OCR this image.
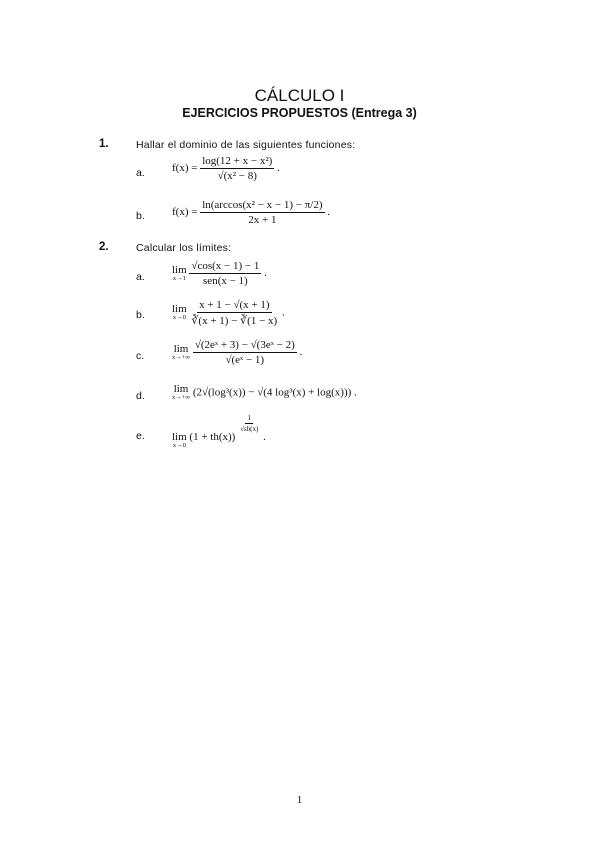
CÁLCULO I
EJERCICIOS PROPUESTOS (Entrega 3)
1.	Hallar el dominio de las siguientes funciones:
a. $f(x) = \frac{\text{log(12 + x − x²)}}{\text{√(x² − 8)}}$ .
b. $f(x) = \frac{\text{ln(arccos(x² − x − 1) − π/2)}}{2x + 1}$ .
2.	Calcular los límites:
a.
lim
x→1
$\frac{√\cos(x - 1) - 1}{\text{sen(x − 1)}}$ .
b. lim
x→0
$\frac{x + 1 - √(x + 1)}{∛(x + 1) - ∛(1 - x)}$ .
c.
lim
x→+∞
$\frac{\text{√(2eˣ + 3) − √(3eˣ − 2)}}{\text{√(eˣ − 1)}}$ .
d.
lim
x→+∞ (2√(log³(x)) − √(4 log³(x) + log(x))) .
e. lim
x→0
(1 + th(x))
$\frac{1}{√sh(x)}$
.
1
